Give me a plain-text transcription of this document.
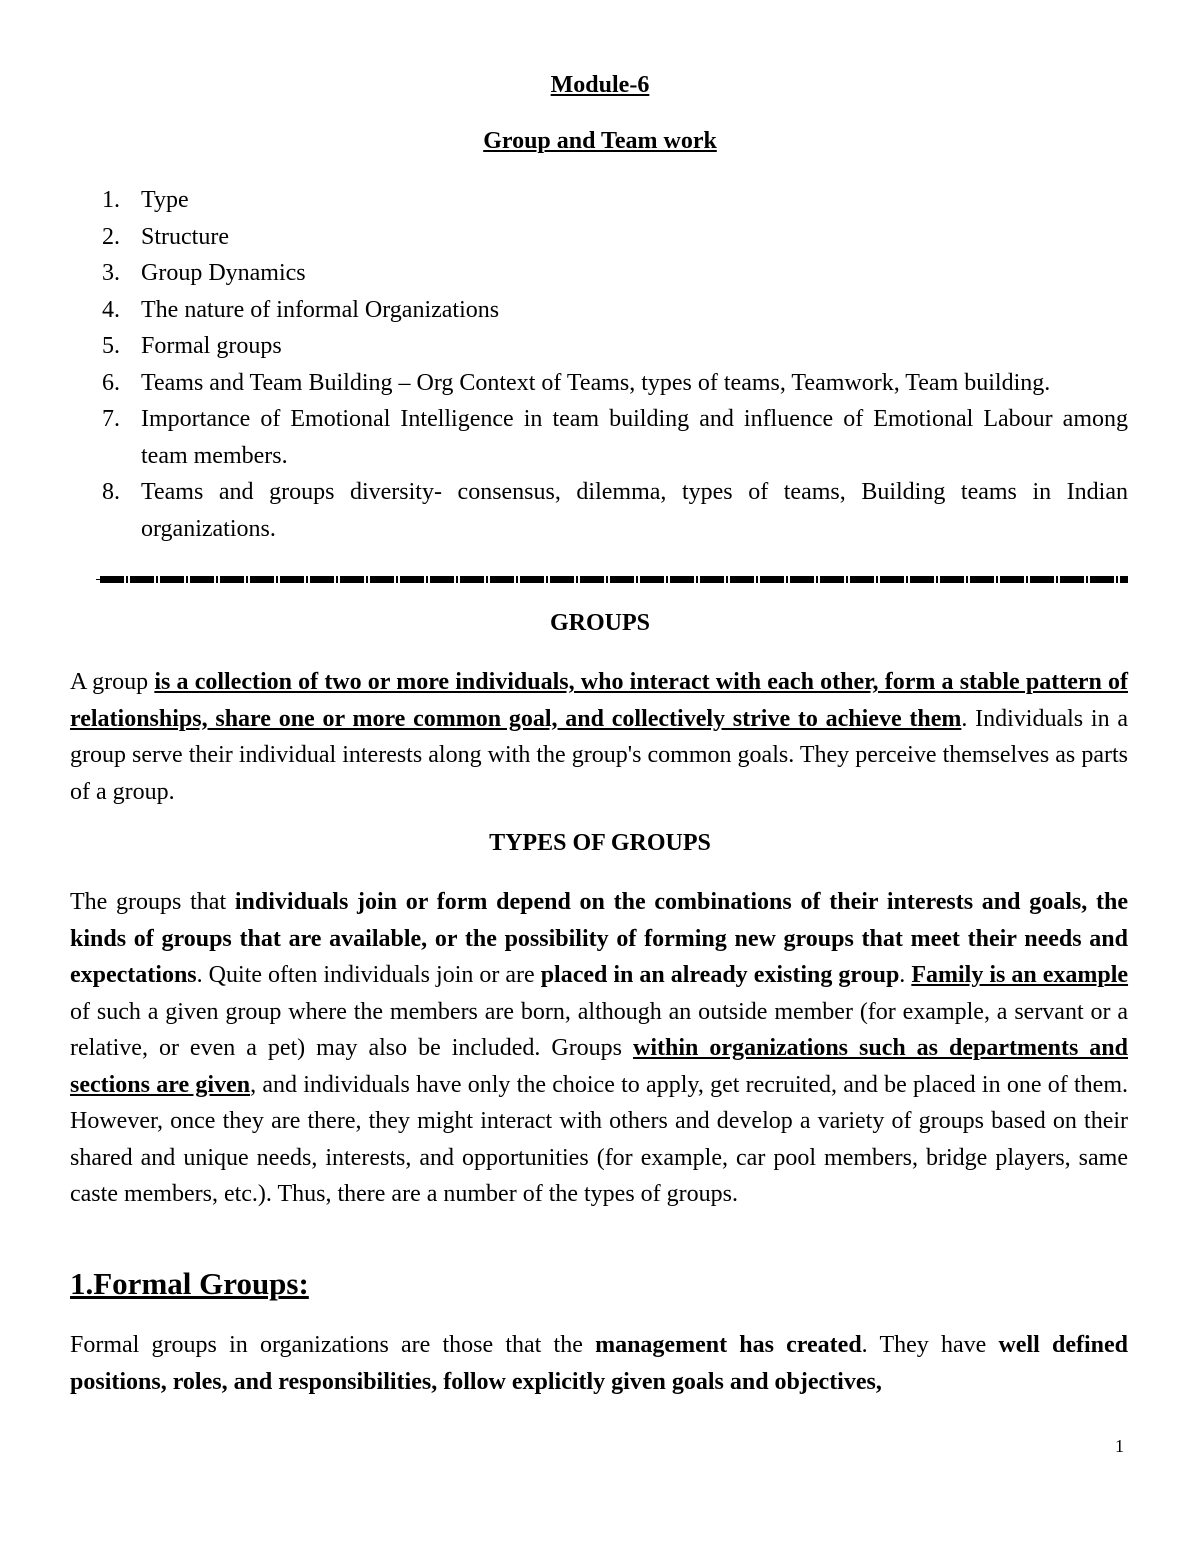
Module-6
Group and Team work
1. Type
2. Structure
3. Group Dynamics
4. The nature of informal Organizations
5. Formal groups
6. Teams and Team Building – Org Context of Teams, types of teams, Teamwork, Team building.
7. Importance of Emotional Intelligence in team building and influence of Emotional Labour among team members.
8. Teams and groups diversity- consensus, dilemma, types of teams, Building teams in Indian organizations.
GROUPS

A group is a collection of two or more individuals, who interact with each other, form a stable pattern of relationships, share one or more common goal, and collectively strive to achieve them. Individuals in a group serve their individual interests along with the group's common goals. They perceive themselves as parts of a group.

TYPES OF GROUPS

The groups that individuals join or form depend on the combinations of their interests and goals, the kinds of groups that are available, or the possibility of forming new groups that meet their needs and expectations. Quite often individuals join or are placed in an already existing group. Family is an example of such a given group where the members are born, although an outside member (for example, a servant or a relative, or even a pet) may also be included. Groups within organizations such as departments and sections are given, and individuals have only the choice to apply, get recruited, and be placed in one of them. However, once they are there, they might interact with others and develop a variety of groups based on their shared and unique needs, interests, and opportunities (for example, car pool members, bridge players, same caste members, etc.). Thus, there are a number of the types of groups.

1.Formal Groups:

Formal groups in organizations are those that the management has created. They have well defined positions, roles, and responsibilities, follow explicitly given goals and objectives,

1
